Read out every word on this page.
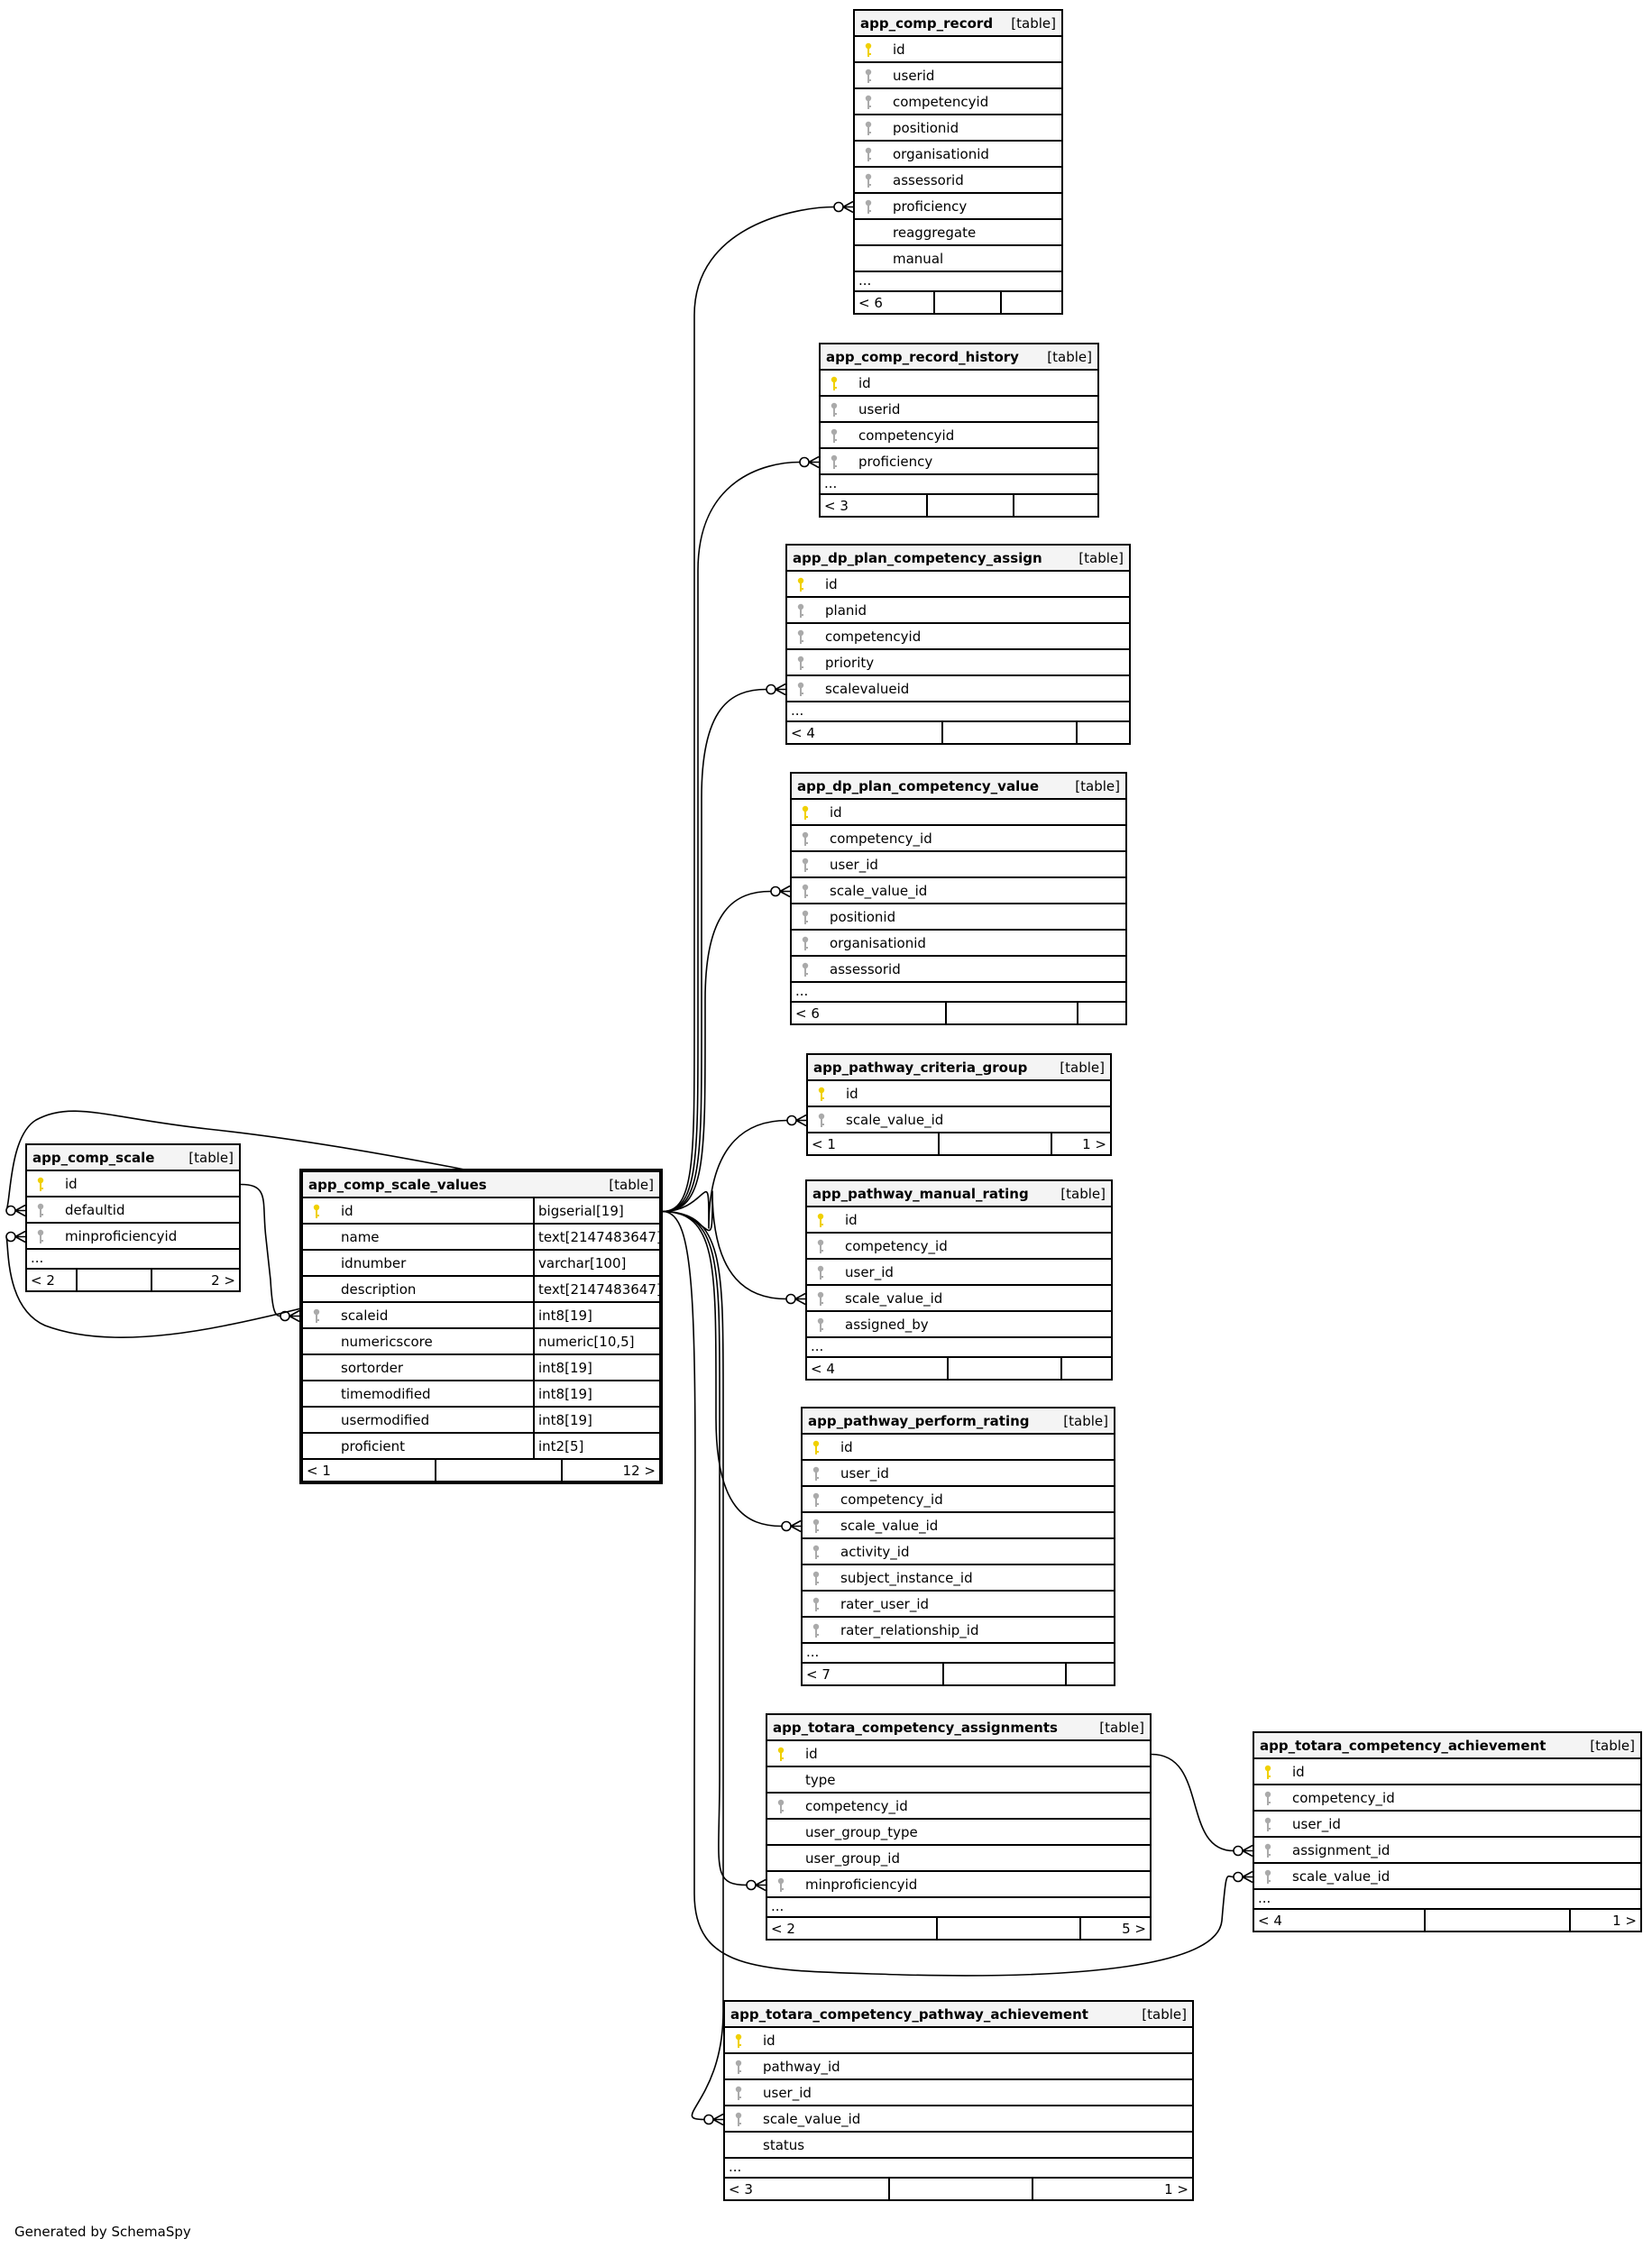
app_comp_record [table]
id
userid
competencyid
positionid
organisationid
assessorid
proficiency
reaggregate
manual
...
< 6
app_comp_record_history [table]
id
userid
competencyid
proficiency
...
< 3
app_dp_plan_competency_assign	[table]
id
planid
competencyid
priority
scalevalueid
...
< 4
app_dp_plan_competency_value	[table]
id
competency_id
user_id
scale_value_id
positionid
organisationid
assessorid
...
< 6
app_pathway_criteria_group [table]
id
scale_value_id
< 1	1 >
app_pathway_manual_rating [table]
id
competency_id
user_id
scale_value_id
assigned_by
...
< 4
app_pathway_perform_rating	[table]
id
user_id
competency_id
scale_value_id
activity_id
subject_instance_id
rater_user_id
rater_relationship_id
...
< 7
app_totara_competency_assignments	[table]
id
type
competency_id
user_group_type
user_group_id
minproficiencyid
...
< 2	5 >
app_totara_competency_achievement	[table]
id
competency_id
user_id
assignment_id
scale_value_id
...
< 4	1 >
app_totara_competency_pathway_achievement	[table]
id
pathway_id
user_id
scale_value_id
status
...
< 3	1 >
app_comp_scale	[table]
id
defaultid
minproficiencyid
...
< 2	2 >
app_comp_scale_values	[table]
id	bigserial[19]
name	text[2147483647]
idnumber	varchar[100]
description	text[2147483647]
scaleid	int8[19]
numericscore	numeric[10,5]
sortorder	int8[19]
timemodified	int8[19]
usermodified	int8[19]
proficient	int2[5]
< 1	12 >
Generated by SchemaSpy
